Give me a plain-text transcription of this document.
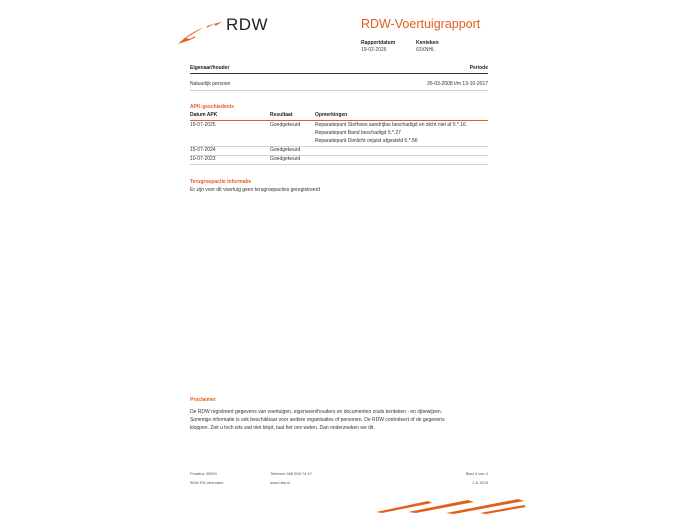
RDW	RDW-Voertuigrapport
Rapportdatum
19-02-2026
Kenteken
63XNHL
Eigenaar/houder	Periode
Natuurlijk persoon	26-03-2008 t/m 13-10-2017
APK-geschiedenis
Datum APK	Resultaat	Opmerkingen
15-07-2025	Goedgekeurd	Reparatiepunt Stofhoes aandrijfas beschadigd en dicht niet af 5.*.16
Reparatiepunt Band beschadigd 5.*.27
Reparatiepunt Dimlicht onjuist afgesteld 5.*.56
15-07-2024	Goedgekeurd
10-07-2023	Goedgekeurd
Terugroepactie informatie
Er zijn voor dit voertuig geen terugroepacties geregistreerd
Proclaimer
De RDW registreert gegevens van voertuigen, eigenaren/houders en documenten zoals kenteken - en rijbewijzen.
Sommige informatie is ook beschikbaar voor andere organisaties of personen. De RDW controleert of de gegevens
kloppen. Ziet u toch iets wat niet klopt, laat het ons weten. Dan onderzoeken we dit.
Postbus 30000
9640 RA Veendam
Telefoon 088 008 74 47
www.rdw.nl
Blad 4 van 4
2.6.1678
